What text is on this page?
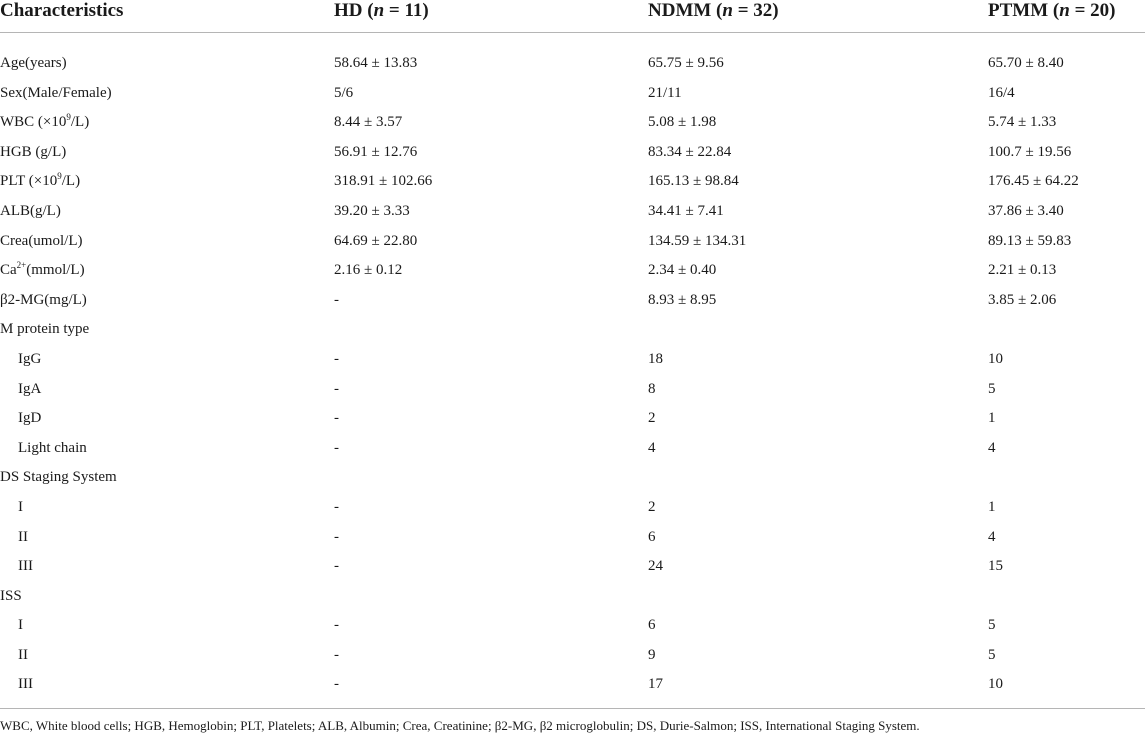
Characteristics	HD (n = 11)	NDMM (n = 32)	PTMM (n = 20)
Age(years)	58.64 ± 13.83	65.75 ± 9.56	65.70 ± 8.40
Sex(Male/Female)	5/6	21/11	16/4
WBC $(\times 10^9/L)$	8.44 ± 3.57	5.08 ± 1.98	5.74 ± 1.33
HGB (g/L)	56.91 ± 12.76	83.34 ± 22.84	100.7 ± 19.56
PLT $(\times 10^9/L)$	318.91 ± 102.66	165.13 ± 98.84	176.45 ± 64.22
ALB(g/L)	39.20 ± 3.33	34.41 ± 7.41	37.86 ± 3.40
Crea(umol/L)	64.69 ± 22.80	134.59 ± 134.31	89.13 ± 59.83
$Ca^{2+}(mmol/L)$	2.16 ± 0.12	2.34 ± 0.40	2.21 ± 0.13
β2-MG(mg/L)	-	8.93 ± 8.95	3.85 ± 2.06
M protein type
IgG	-	18	10
IgA	-	8	5
IgD	-	2	1
Light chain	-	4	4
DS Staging System
I	-	2	1
II	-	6	4
III	-	24	15
ISS
I	-	6	5
II	-	9	5
III	-	17	10
WBC, White blood cells; HGB, Hemoglobin; PLT, Platelets; ALB, Albumin; Crea, Creatinine; β2-MG, β2 microglobulin; DS, Durie-Salmon; ISS, International Staging System.
